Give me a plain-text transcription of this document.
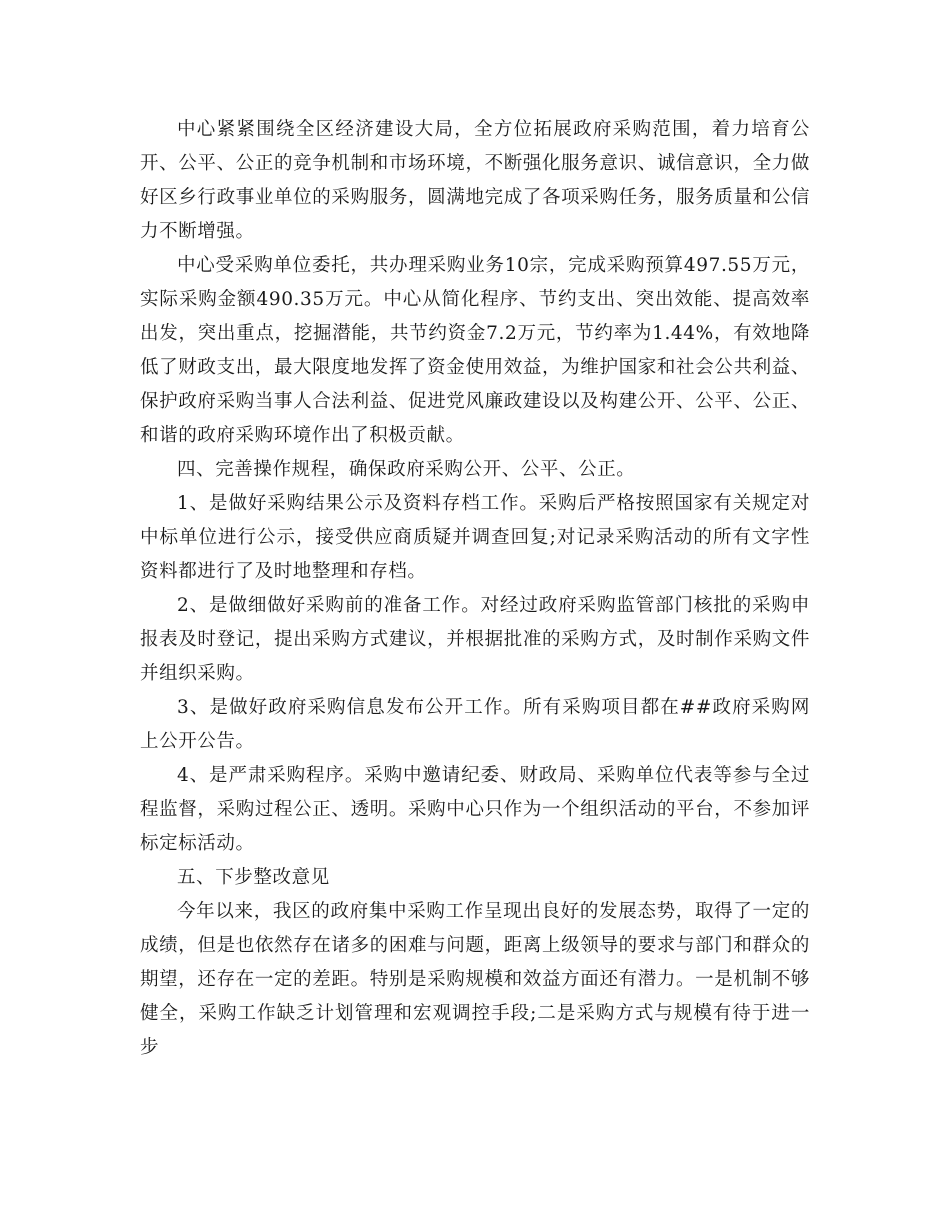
中心紧紧围绕全区经济建设大局，全方位拓展政府采购范围，着力培育公开、公平、公正的竞争机制和市场环境，不断强化服务意识、诚信意识，全力做好区乡行政事业单位的采购服务，圆满地完成了各项采购任务，服务质量和公信力不断增强。

中心受采购单位委托，共办理采购业务10宗，完成采购预算497.55万元，实际采购金额490.35万元。中心从简化程序、节约支出、突出效能、提高效率出发，突出重点，挖掘潜能，共节约资金7.2万元，节约率为1.44%，有效地降低了财政支出，最大限度地发挥了资金使用效益，为维护国家和社会公共利益、保护政府采购当事人合法利益、促进党风廉政建设以及构建公开、公平、公正、和谐的政府采购环境作出了积极贡献。

四、完善操作规程，确保政府采购公开、公平、公正。

1、是做好采购结果公示及资料存档工作。采购后严格按照国家有关规定对中标单位进行公示，接受供应商质疑并调查回复;对记录采购活动的所有文字性资料都进行了及时地整理和存档。

2、是做细做好采购前的准备工作。对经过政府采购监管部门核批的采购申报表及时登记，提出采购方式建议，并根据批准的采购方式，及时制作采购文件并组织采购。

3、是做好政府采购信息发布公开工作。所有采购项目都在##政府采购网上公开公告。

4、是严肃采购程序。采购中邀请纪委、财政局、采购单位代表等参与全过程监督，采购过程公正、透明。采购中心只作为一个组织活动的平台，不参加评标定标活动。

五、下步整改意见

今年以来，我区的政府集中采购工作呈现出良好的发展态势，取得了一定的成绩，但是也依然存在诸多的困难与问题，距离上级领导的要求与部门和群众的期望，还存在一定的差距。特别是采购规模和效益方面还有潜力。一是机制不够健全，采购工作缺乏计划管理和宏观调控手段;二是采购方式与规模有待于进一步
